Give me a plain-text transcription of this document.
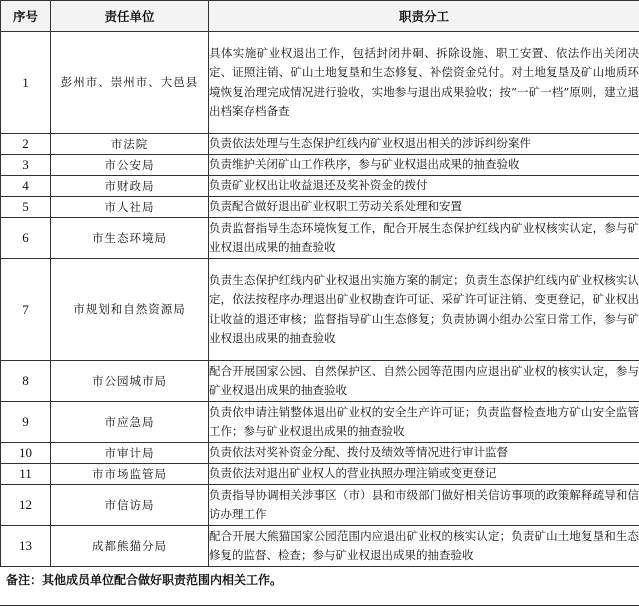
序号	责任单位	职责分工
1	彭州市、崇州市、大邑县	具体实施矿业权退出工作，包括封闭井硐、拆除设施、职工安置、依法作出关闭决定、证照注销、矿山土地复垦和生态修复、补偿资金兑付。对土地复垦及矿山地质环境恢复治理完成情况进行验收，实地参与退出成果验收；按“一矿一档”原则，建立退出档案存档备查
2	市法院	负责依法处理与生态保护红线内矿业权退出相关的涉诉纠纷案件
3	市公安局	负责维护关闭矿山工作秩序，参与矿业权退出成果的抽查验收
4	市财政局	负责矿业权出让收益退还及奖补资金的拨付
5	市人社局	负责配合做好退出矿业权职工劳动关系处理和安置
6	市生态环境局	负责监督指导生态环境恢复工作，配合开展生态保护红线内矿业权核实认定，参与矿业权退出成果的抽查验收
7	市规划和自然资源局	负责生态保护红线内矿业权退出实施方案的制定；负责生态保护红线内矿业权核实认定，依法按程序办理退出矿业权勘查许可证、采矿许可证注销、变更登记，矿业权出让收益的退还审核；监督指导矿山生态修复；负责协调小组办公室日常工作，参与矿业权退出成果的抽查验收
8	市公园城市局	配合开展国家公园、自然保护区、自然公园等范围内应退出矿业权的核实认定，参与矿业权退出成果的抽查验收
9	市应急局	负责依申请注销整体退出矿业权的安全生产许可证；负责监督检查地方矿山安全监管工作；参与矿业权退出成果的抽查验收
10	市审计局	负责依法对奖补资金分配、拨付及绩效等情况进行审计监督
11	市市场监管局	负责依法对退出矿业权人的营业执照办理注销或变更登记
12	市信访局	负责指导协调相关涉事区（市）县和市级部门做好相关信访事项的政策解释疏导和信访办理工作
13	成都熊猫分局	配合开展大熊猫国家公园范围内应退出矿业权的核实认定；负责矿山土地复垦和生态修复的监督、检查；参与矿业权退出成果的抽查验收
备注：其他成员单位配合做好职责范围内相关工作。
